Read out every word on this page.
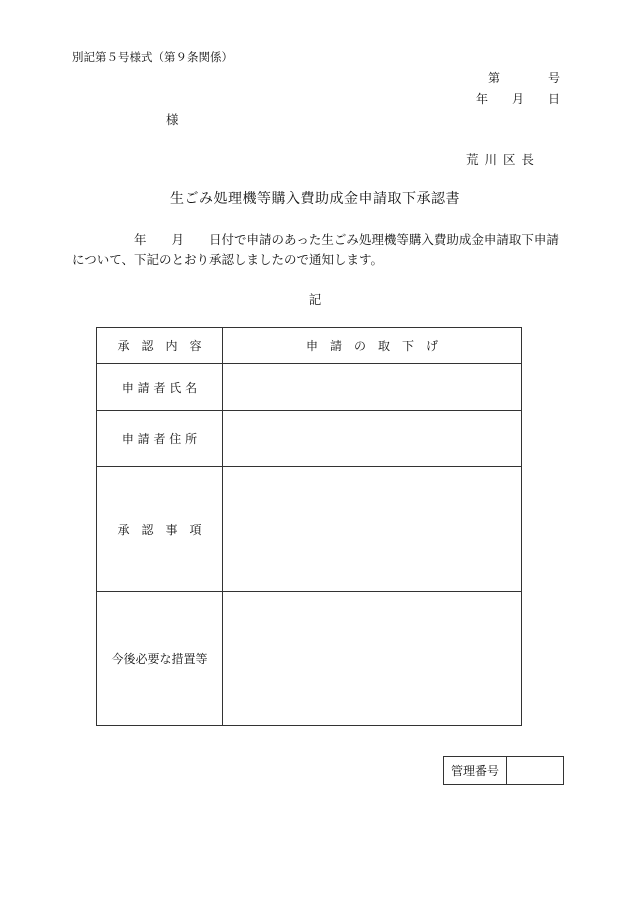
別記第５号様式（第９条関係）
第　　　　号
年　　月　　日
様
荒 川 区 長
生ごみ処理機等購入費助成金申請取下承認書
年　　月　　日付で申請のあった生ごみ処理機等購入費助成金申請取下申請について、下記のとおり承認しましたので通知します。
記
承　認　内　容	申　請　の　取　下　げ
申 請 者 氏 名	
申 請 者 住 所	
承　認　事　項	
今後必要な措置等	
管理番号	
